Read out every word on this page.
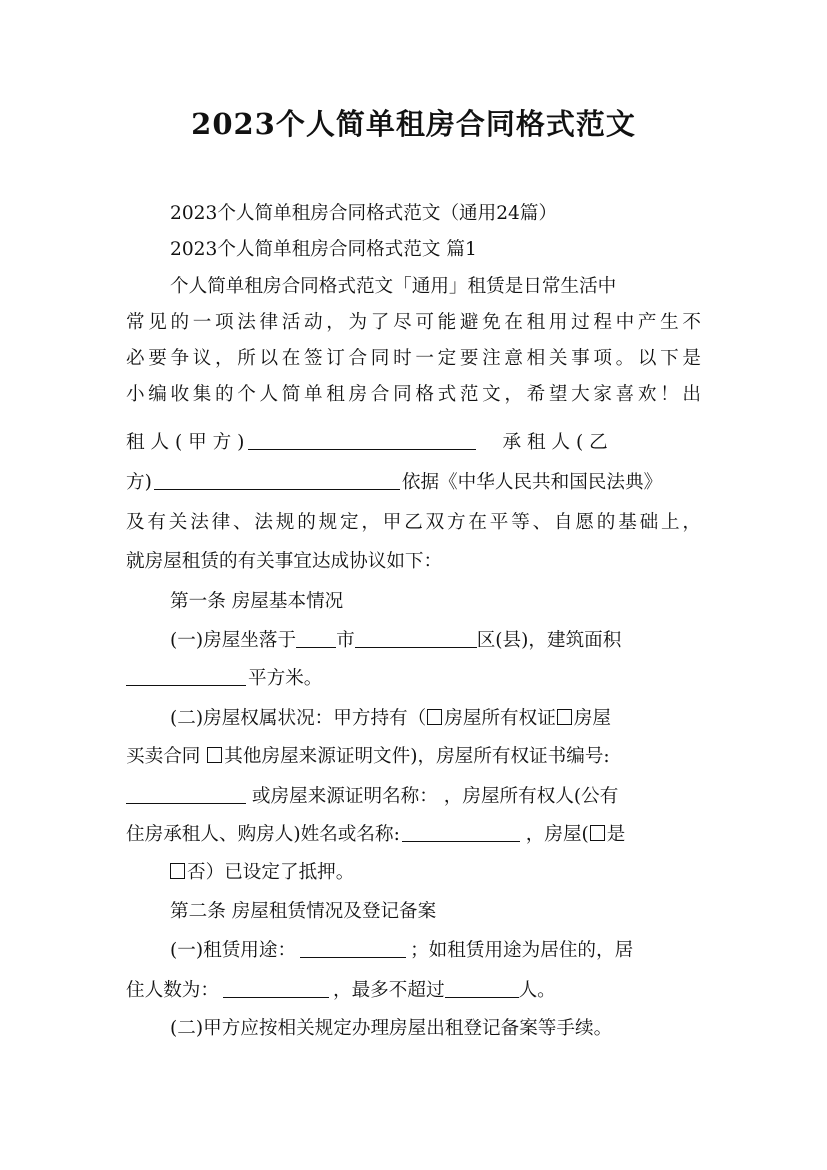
2023个人简单租房合同格式范文

2023个人简单租房合同格式范文（通用24篇）

2023个人简单租房合同格式范文 篇1

个人简单租房合同格式范文「通用」租赁是日常生活中

常见的一项法律活动，为了尽可能避免在租用过程中产生不

必要争议，所以在签订合同时一定要注意相关事项。以下是

小编收集的个人简单租房合同格式范文，希望大家喜欢！出

租 人 ( 甲 方 )	承 租 人 ( 乙

方)	依据《中华人民共和国民法典》

及有关法律、法规的规定，甲乙双方在平等、自愿的基础上，

就房屋租赁的有关事宜达成协议如下：

第一条 房屋基本情况

(一)房屋坐落于 市	区(县)，建筑面积

平方米。

(二)房屋权属状况：甲方持有（ 房屋所有权证 房屋

买卖合同 其他房屋来源证明文件)，房屋所有权证书编号:

或房屋来源证明名称： ，房屋所有权人(公有

住房承租人、购房人)姓名或名称:	，房屋( 是

否）已设定了抵押。

第二条 房屋租赁情况及登记备案

(一)租赁用途：	；如租赁用途为居住的，居

住人数为：	，最多不超过	人。

(二)甲方应按相关规定办理房屋出租登记备案等手续。
